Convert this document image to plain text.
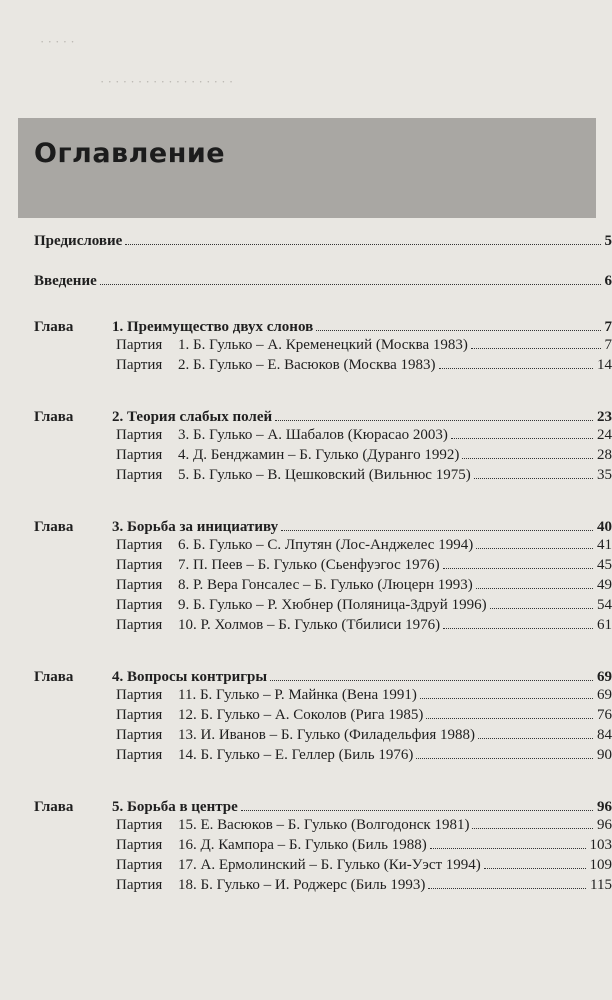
· · · · ·
· · · · · · · · · · · · · · · · · ·
Оглавление
Предисловие	5
Введение	6
Глава	1. Преимущество двух слонов	7
Партия 1. Б. Гулько – А. Кременецкий (Москва 1983)	7
Партия 2. Б. Гулько – Е. Васюков (Москва 1983)	14
Глава	2. Теория слабых полей	23
Партия 3. Б. Гулько – А. Шабалов (Кюрасао 2003)	24
Партия 4. Д. Бенджамин – Б. Гулько (Дуранго 1992)	28
Партия 5. Б. Гулько – В. Цешковский (Вильнюс 1975)	35
Глава	3. Борьба за инициативу	40
Партия 6. Б. Гулько – С. Лпутян (Лос-Анджелес 1994)	41
Партия 7. П. Пеев – Б. Гулько (Сьенфуэгос 1976)	45
Партия 8. Р. Вера Гонсалес – Б. Гулько (Люцерн 1993)	49
Партия 9. Б. Гулько – Р. Хюбнер (Поляница-Здруй 1996)	54
Партия 10. Р. Холмов – Б. Гулько (Тбилиси 1976)	61
Глава	4. Вопросы контригры	69
Партия 11. Б. Гулько – Р. Майнка (Вена 1991)	69
Партия 12. Б. Гулько – А. Соколов (Рига 1985)	76
Партия 13. И. Иванов – Б. Гулько (Филадельфия 1988)	84
Партия 14. Б. Гулько – Е. Геллер (Биль 1976)	90
Глава	5. Борьба в центре	96
Партия 15. Е. Васюков – Б. Гулько (Волгодонск 1981)	96
Партия 16. Д. Кампора – Б. Гулько (Биль 1988)	103
Партия 17. А. Ермолинский – Б. Гулько (Ки-Уэст 1994)	109
Партия 18. Б. Гулько – И. Роджерс (Биль 1993)	115
